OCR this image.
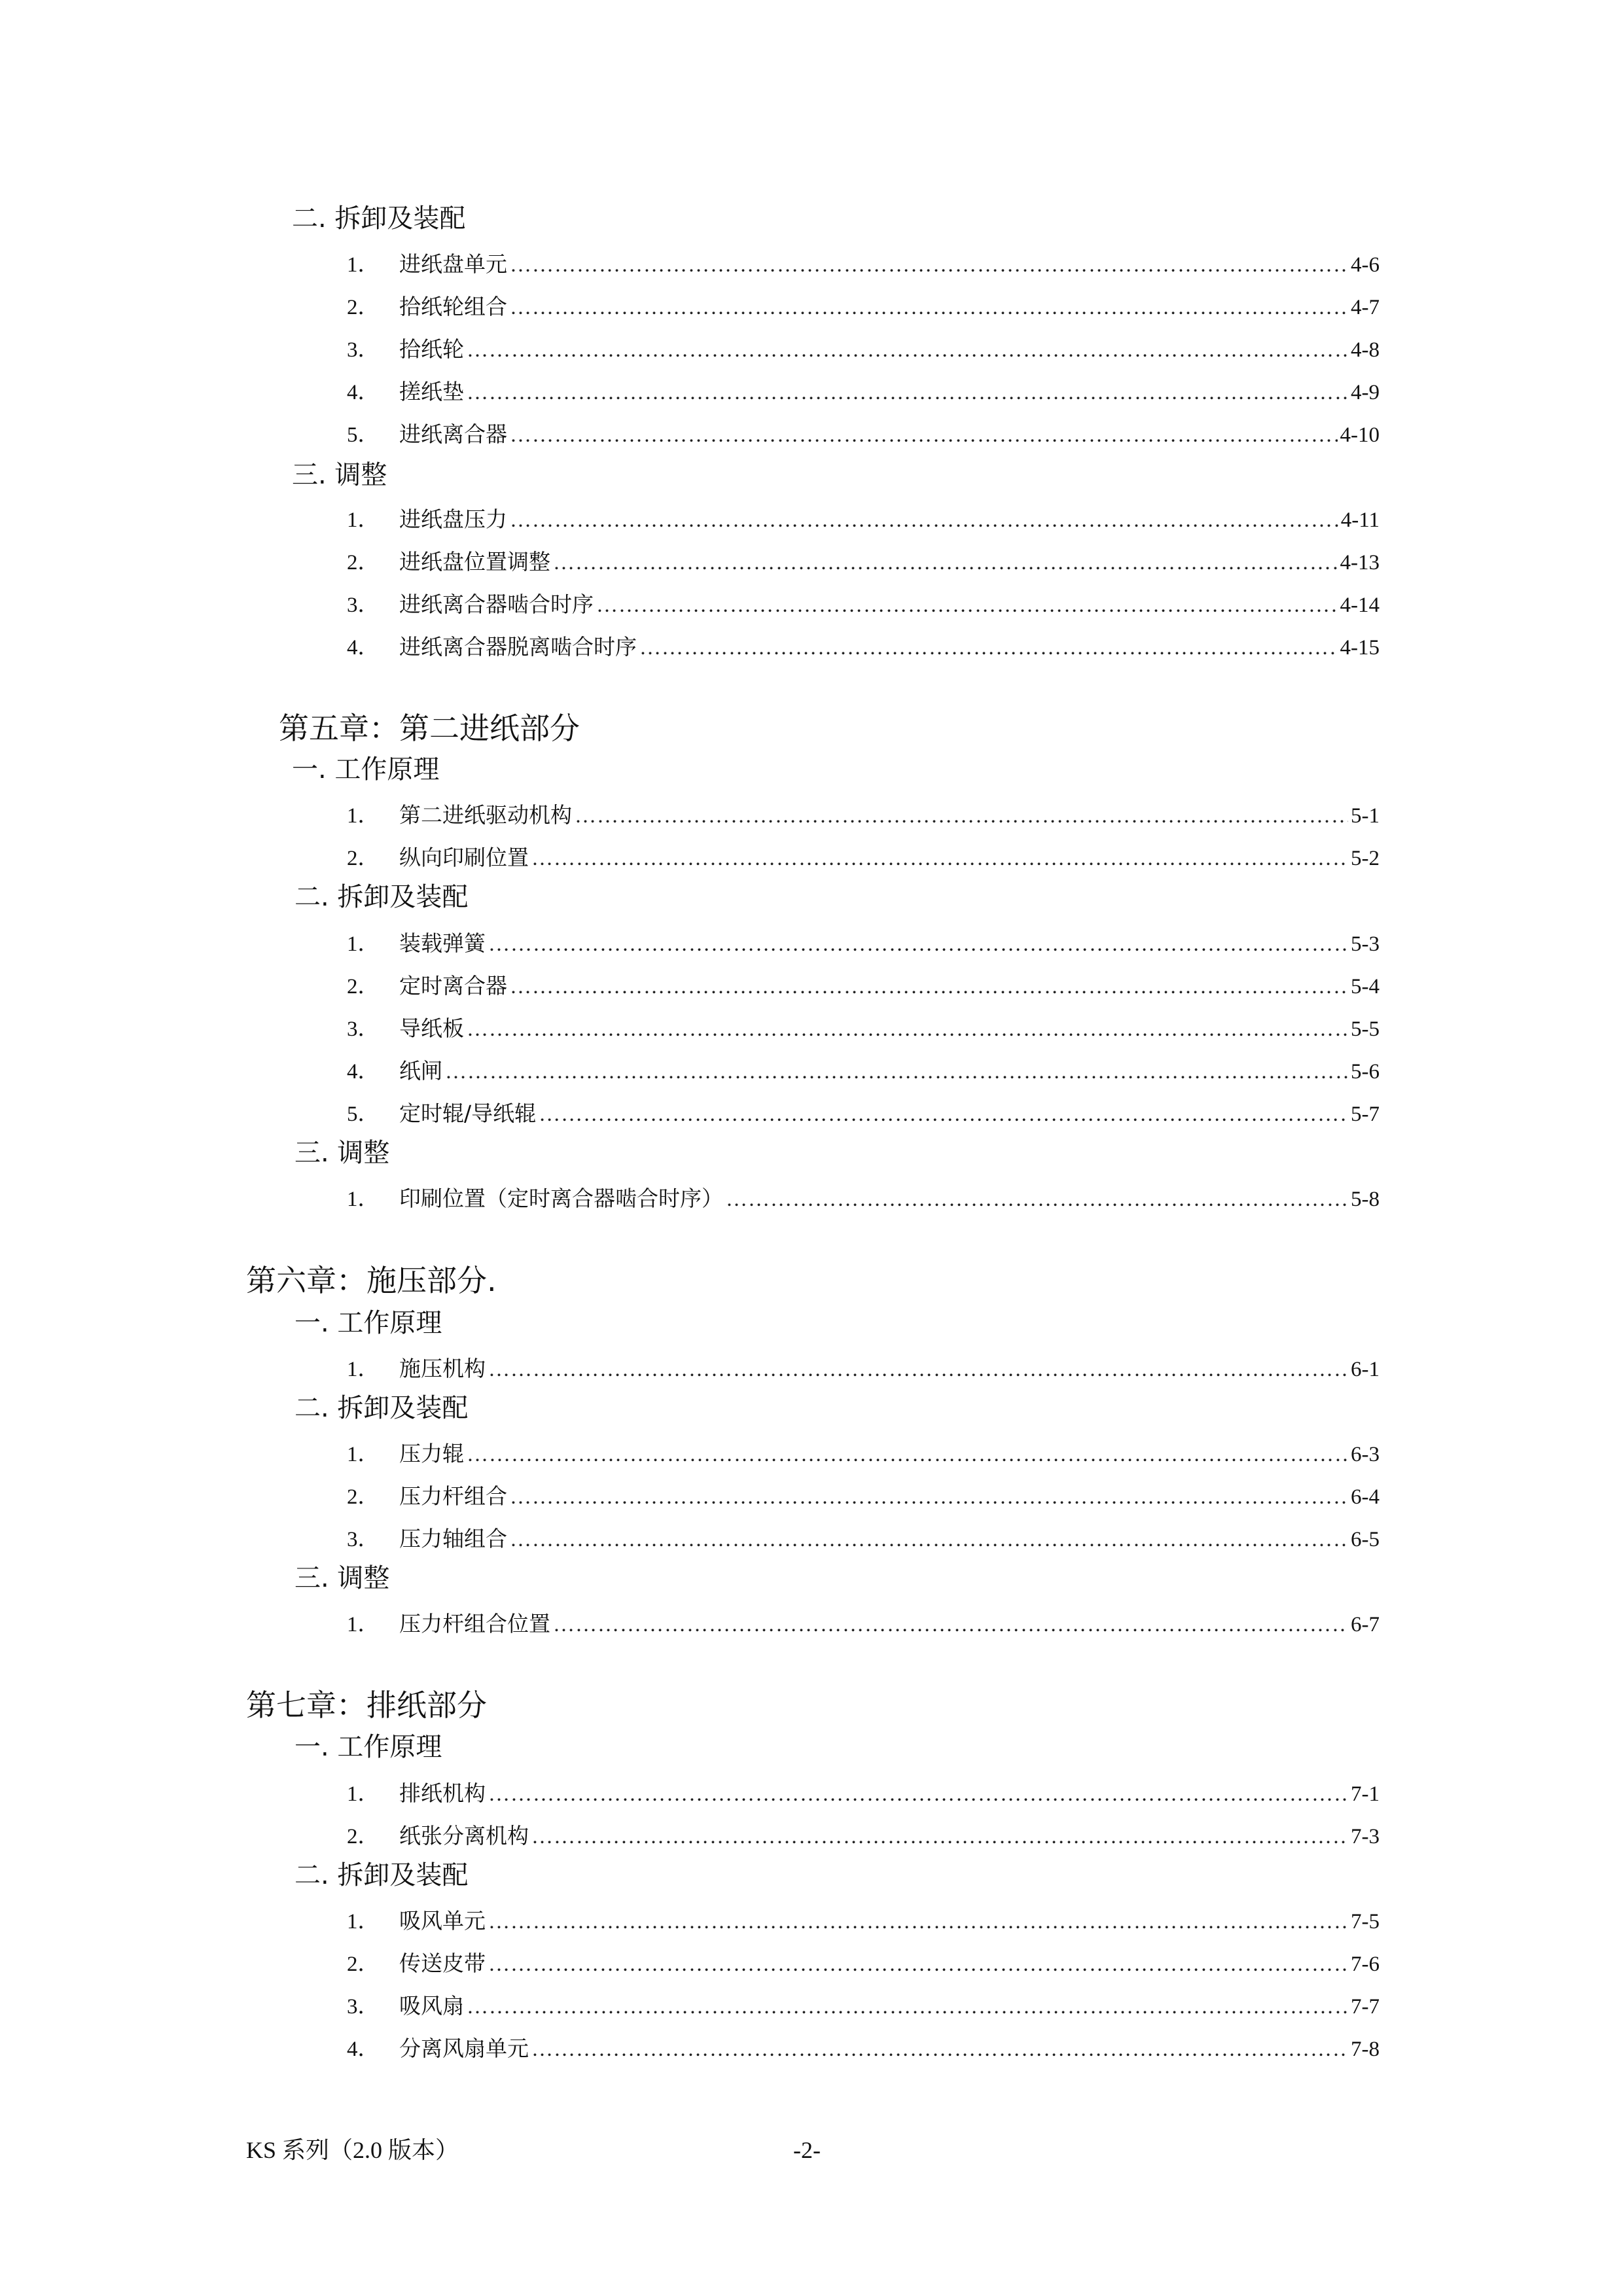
二. 拆卸及装配
1． 进纸盘单元 ……………………………………………………………………………………………………………………………………………………………………………………………………………………………………………………………………………………	4-6
2． 拾纸轮组合 ……………………………………………………………………………………………………………………………………………………………………………………………………………………………………………………………………………………	4-7
3． 拾纸轮 ……………………………………………………………………………………………………………………………………………………………………………………………………………………………………………………………………………………	4-8
4． 搓纸垫 ……………………………………………………………………………………………………………………………………………………………………………………………………………………………………………………………………………………	4-9
5． 进纸离合器 ……………………………………………………………………………………………………………………………………………………………………………………………………………………………………………………………………………………	4-10
三. 调整
1． 进纸盘压力 ……………………………………………………………………………………………………………………………………………………………………………………………………………………………………………………………………………………	4-11
2． 进纸盘位置调整 ……………………………………………………………………………………………………………………………………………………………………………………………………………………………………………………………………………………	4-13
3． 进纸离合器啮合时序 ……………………………………………………………………………………………………………………………………………………………………………………………………………………………………………………………………………………	4-14
4． 进纸离合器脱离啮合时序 ……………………………………………………………………………………………………………………………………………………………………………………………………………………………………………………………………………………	4-15
第五章：第二进纸部分
一. 工作原理
1． 第二进纸驱动机构 ……………………………………………………………………………………………………………………………………………………………………………………………………………………………………………………………………………………	5-1
2． 纵向印刷位置 ……………………………………………………………………………………………………………………………………………………………………………………………………………………………………………………………………………………	5-2
二. 拆卸及装配
1． 装载弹簧 ……………………………………………………………………………………………………………………………………………………………………………………………………………………………………………………………………………………	5-3
2． 定时离合器 ……………………………………………………………………………………………………………………………………………………………………………………………………………………………………………………………………………………	5-4
3． 导纸板 ……………………………………………………………………………………………………………………………………………………………………………………………………………………………………………………………………………………	5-5
4． 纸闸 ……………………………………………………………………………………………………………………………………………………………………………………………………………………………………………………………………………………	5-6
5． 定时辊/导纸辊 ……………………………………………………………………………………………………………………………………………………………………………………………………………………………………………………………………………………	5-7
三. 调整
1． 印刷位置（定时离合器啮合时序） ……………………………………………………………………………………………………………………………………………………………………………………………………………………………………………………………………………………	5-8
第六章：施压部分.
一. 工作原理
1． 施压机构 ……………………………………………………………………………………………………………………………………………………………………………………………………………………………………………………………………………………	6-1
二. 拆卸及装配
1． 压力辊 ……………………………………………………………………………………………………………………………………………………………………………………………………………………………………………………………………………………	6-3
2． 压力杆组合 ……………………………………………………………………………………………………………………………………………………………………………………………………………………………………………………………………………………	6-4
3． 压力轴组合 ……………………………………………………………………………………………………………………………………………………………………………………………………………………………………………………………………………………	6-5
三. 调整
1． 压力杆组合位置 ……………………………………………………………………………………………………………………………………………………………………………………………………………………………………………………………………………………	6-7
第七章：排纸部分
一. 工作原理
1． 排纸机构 ……………………………………………………………………………………………………………………………………………………………………………………………………………………………………………………………………………………	7-1
2． 纸张分离机构 ……………………………………………………………………………………………………………………………………………………………………………………………………………………………………………………………………………………	7-3
二. 拆卸及装配
1． 吸风单元 ……………………………………………………………………………………………………………………………………………………………………………………………………………………………………………………………………………………	7-5
2． 传送皮带 ……………………………………………………………………………………………………………………………………………………………………………………………………………………………………………………………………………………	7-6
3． 吸风扇 ……………………………………………………………………………………………………………………………………………………………………………………………………………………………………………………………………………………	7-7
4． 分离风扇单元 ……………………………………………………………………………………………………………………………………………………………………………………………………………………………………………………………………………………	7-8
KS 系列（2.0 版本）	-2-
